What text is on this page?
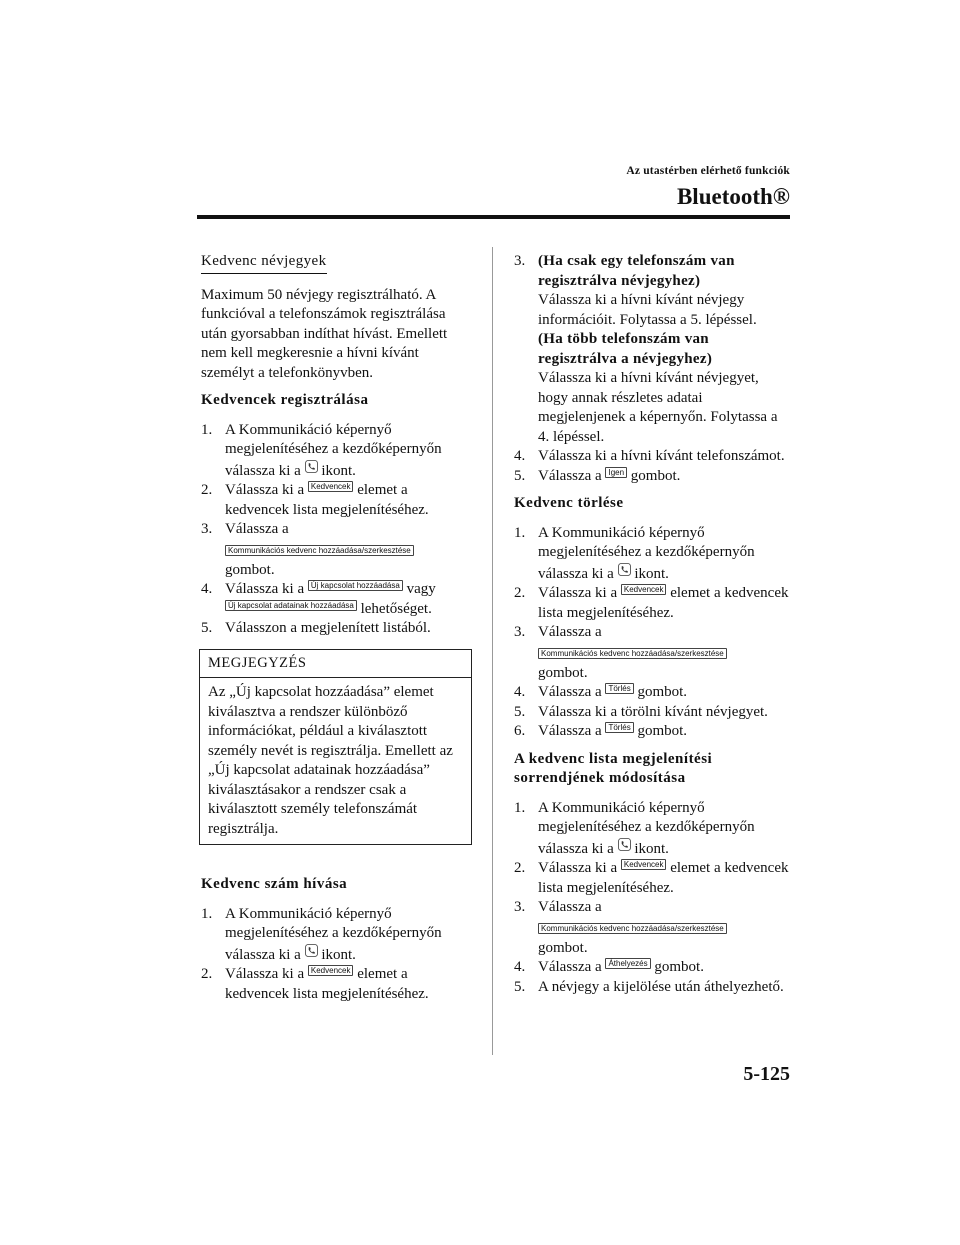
Az utastérben elérhető funkciók
Bluetooth®
Kedvenc névjegyek
Maximum 50 névjegy regisztrálható. A funkcióval a telefonszámok regisztrálása után gyorsabban indíthat hívást. Emellett nem kell megkeresnie a hívni kívánt személyt a telefonkönyvben.
Kedvencek regisztrálása
1. A Kommunikáció képernyő megjelenítéséhez a kezdőképernyőn válassza ki a ikont.
2. Válassza ki a Kedvencek elemet a kedvencek lista megjelenítéséhez.
3. Válassza a
Kommunikációs kedvenc hozzáadása/szerkesztése
gombot.
4. Válassza ki a Új kapcsolat hozzáadása vagy Új kapcsolat adatainak hozzáadása lehetőséget.
5. Válasszon a megjelenített listából.
MEGJEGYZÉS
Az „Új kapcsolat hozzáadása” elemet kiválasztva a rendszer különböző információkat, például a kiválasztott személy nevét is regisztrálja. Emellett az „Új kapcsolat adatainak hozzáadása” kiválasztásakor a rendszer csak a kiválasztott személy telefonszámát regisztrálja.
Kedvenc szám hívása
1. A Kommunikáció képernyő megjelenítéséhez a kezdőképernyőn válassza ki a ikont.
2. Válassza ki a Kedvencek elemet a kedvencek lista megjelenítéséhez.
3. (Ha csak egy telefonszám van regisztrálva névjegyhez)
Válassza ki a hívni kívánt névjegy információit. Folytassa a 5. lépéssel.
(Ha több telefonszám van regisztrálva a névjegyhez)
Válassza ki a hívni kívánt névjegyet, hogy annak részletes adatai megjelenjenek a képernyőn. Folytassa a 4. lépéssel.
4. Válassza ki a hívni kívánt telefonszámot.
5. Válassza a Igen gombot.
Kedvenc törlése
1. A Kommunikáció képernyő megjelenítéséhez a kezdőképernyőn válassza ki a ikont.
2. Válassza ki a Kedvencek elemet a kedvencek lista megjelenítéséhez.
3. Válassza a
Kommunikációs kedvenc hozzáadása/szerkesztése
gombot.
4. Válassza a Törlés gombot.
5. Válassza ki a törölni kívánt névjegyet.
6. Válassza a Törlés gombot.
A kedvenc lista megjelenítési
sorrendjének módosítása
1. A Kommunikáció képernyő megjelenítéséhez a kezdőképernyőn válassza ki a ikont.
2. Válassza ki a Kedvencek elemet a kedvencek lista megjelenítéséhez.
3. Válassza a
Kommunikációs kedvenc hozzáadása/szerkesztése
gombot.
4. Válassza a Áthelyezés gombot.
5. A névjegy a kijelölése után áthelyezhető.
5-125
